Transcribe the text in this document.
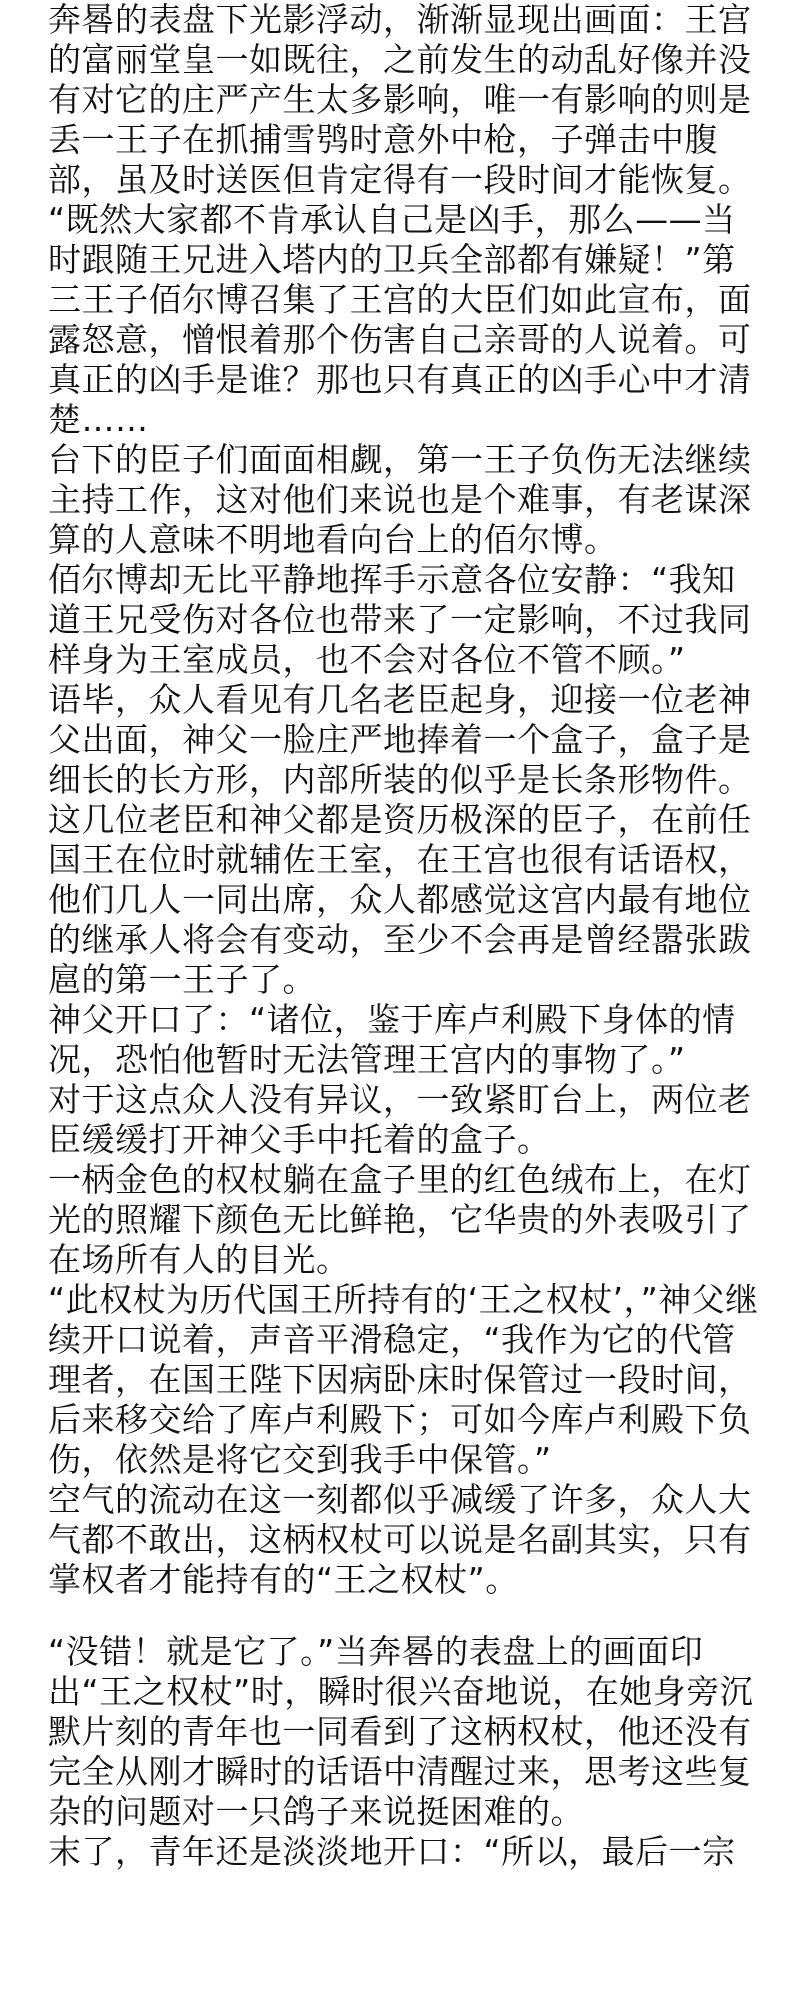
奔晷的表盘下光影浮动，渐渐显现出画面：王宫的富丽堂皇一如既往，之前发生的动乱好像并没有对它的庄严产生太多影响，唯一有影响的则是丢一王子在抓捕雪鸮时意外中枪，子弹击中腹部，虽及时送医但肯定得有一段时间才能恢复。

“既然大家都不肯承认自己是凶手，那么——当时跟随王兄进入塔内的卫兵全部都有嫌疑！”第三王子佰尔博召集了王宫的大臣们如此宣布，面露怒意，憎恨着那个伤害自己亲哥的人说着。可真正的凶手是谁？那也只有真正的凶手心中才清楚……

台下的臣子们面面相觑，第一王子负伤无法继续主持工作，这对他们来说也是个难事，有老谋深算的人意味不明地看向台上的佰尔博。

佰尔博却无比平静地挥手示意各位安静：“我知道王兄受伤对各位也带来了一定影响，不过我同样身为王室成员，也不会对各位不管不顾。”

语毕，众人看见有几名老臣起身，迎接一位老神父出面，神父一脸庄严地捧着一个盒子，盒子是细长的长方形，内部所装的似乎是长条形物件。

这几位老臣和神父都是资历极深的臣子，在前任国王在位时就辅佐王室，在王宫也很有话语权，他们几人一同出席，众人都感觉这宫内最有地位的继承人将会有变动，至少不会再是曾经嚣张跋扈的第一王子了。

神父开口了：“诸位，鉴于库卢利殿下身体的情况，恐怕他暂时无法管理王宫内的事物了。”

对于这点众人没有异议，一致紧盯台上，两位老臣缓缓打开神父手中托着的盒子。

一柄金色的权杖躺在盒子里的红色绒布上，在灯光的照耀下颜色无比鲜艳，它华贵的外表吸引了在场所有人的目光。

“此权杖为历代国王所持有的‘王之权杖’，”神父继续开口说着，声音平滑稳定，“我作为它的代管理者，在国王陛下因病卧床时保管过一段时间，后来移交给了库卢利殿下；可如今库卢利殿下负伤，依然是将它交到我手中保管。”

空气的流动在这一刻都似乎减缓了许多，众人大气都不敢出，这柄权杖可以说是名副其实，只有掌权者才能持有的“王之权杖”。

“没错！就是它了。”当奔晷的表盘上的画面印出“王之权杖”时，瞬时很兴奋地说，在她身旁沉默片刻的青年也一同看到了这柄权杖，他还没有完全从刚才瞬时的话语中清醒过来，思考这些复杂的问题对一只鸽子来说挺困难的。

末了，青年还是淡淡地开口：“所以，最后一宗
